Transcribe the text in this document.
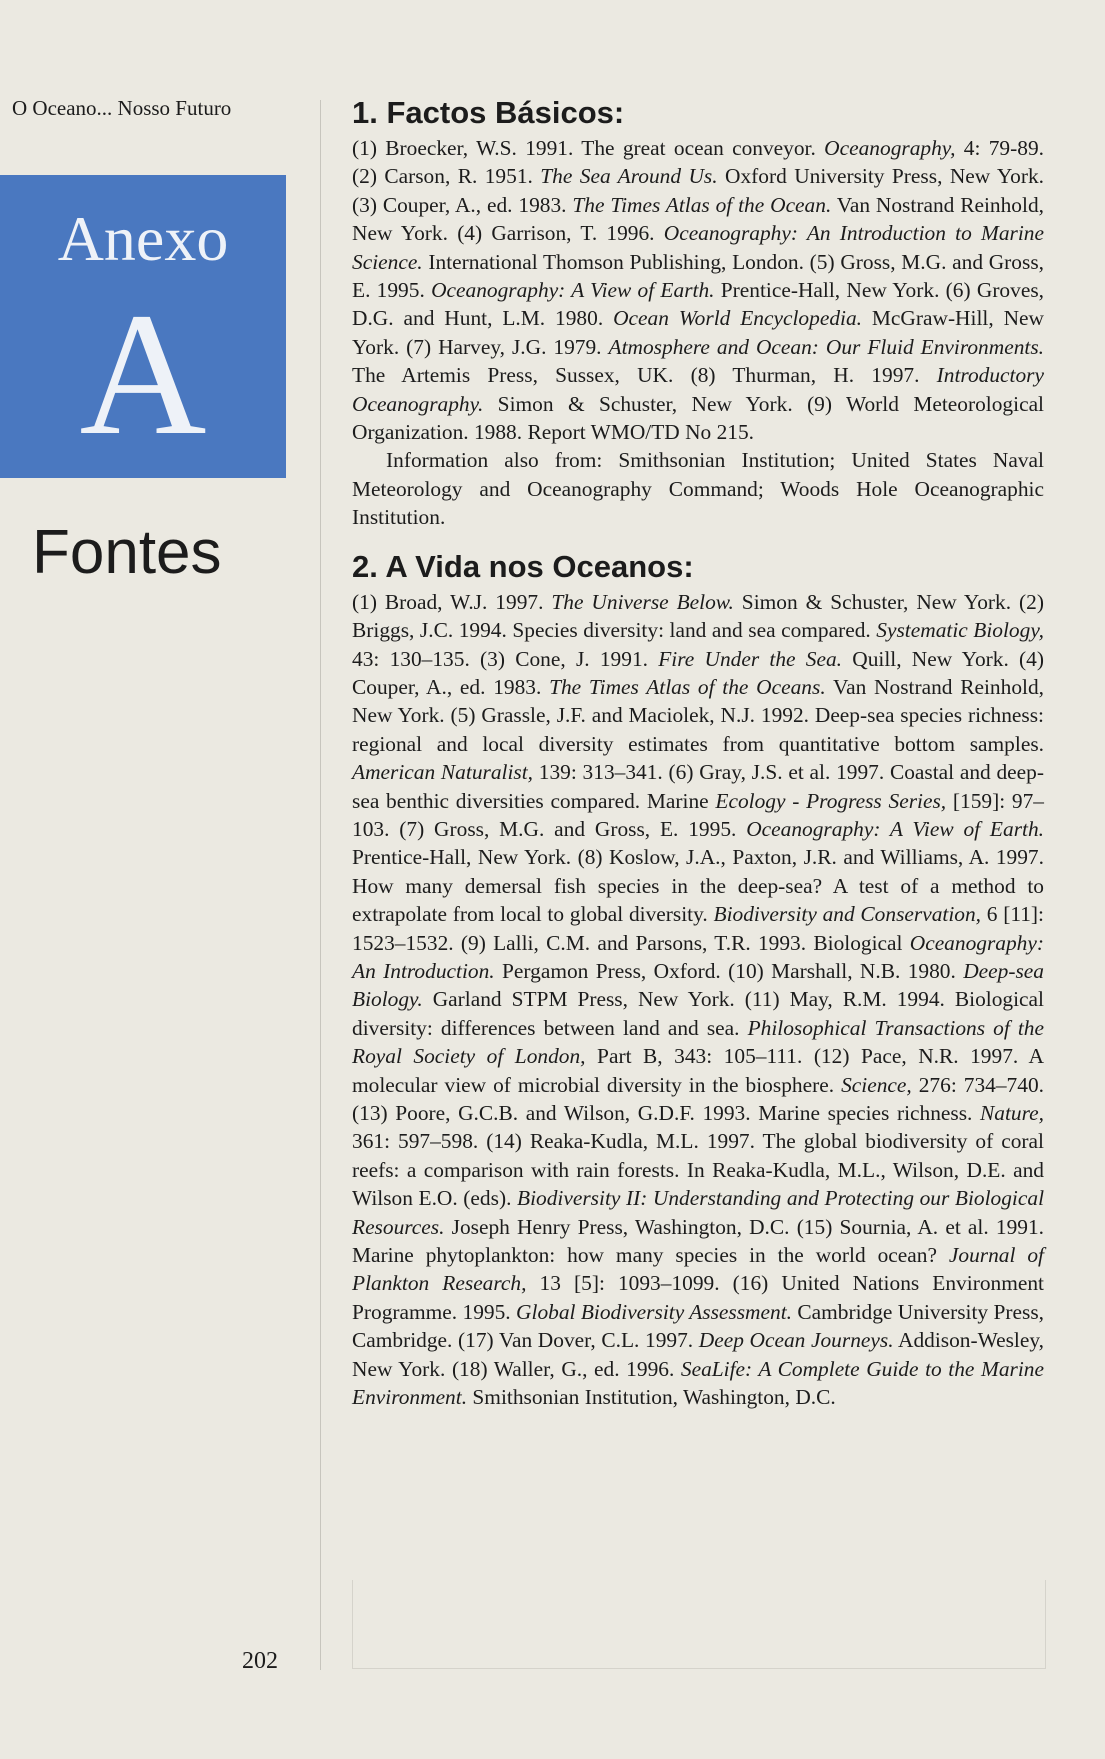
O Oceano... Nosso Futuro
Anexo
A
Fontes
1. Factos Básicos:

(1) Broecker, W.S. 1991. The great ocean conveyor. Oceanography, 4: 79-89. (2) Carson, R. 1951. The Sea Around Us. Oxford University Press, New York. (3) Couper, A., ed. 1983. The Times Atlas of the Ocean. Van Nostrand Reinhold, New York. (4) Garrison, T. 1996. Oceanography: An Introduction to Marine Science. International Thomson Publishing, London. (5) Gross, M.G. and Gross, E. 1995. Oceanography: A View of Earth. Prentice-Hall, New York. (6) Groves, D.G. and Hunt, L.M. 1980. Ocean World Encyclopedia. McGraw-Hill, New York. (7) Harvey, J.G. 1979. Atmosphere and Ocean: Our Fluid Environments. The Artemis Press, Sussex, UK. (8) Thurman, H. 1997. Introductory Oceanography. Simon & Schuster, New York. (9) World Meteorological Organization. 1988. Report WMO/TD No 215.

Information also from: Smithsonian Institution; United States Naval Meteorology and Oceanography Command; Woods Hole Oceanographic Institution.

2. A Vida nos Oceanos:

(1) Broad, W.J. 1997. The Universe Below. Simon & Schuster, New York. (2) Briggs, J.C. 1994. Species diversity: land and sea compared. Systematic Biology, 43: 130–135. (3) Cone, J. 1991. Fire Under the Sea. Quill, New York. (4) Couper, A., ed. 1983. The Times Atlas of the Oceans. Van Nostrand Reinhold, New York. (5) Grassle, J.F. and Maciolek, N.J. 1992. Deep-sea species richness: regional and local diversity estimates from quantitative bottom samples. American Naturalist, 139: 313–341. (6) Gray, J.S. et al. 1997. Coastal and deep-sea benthic diversities compared. Marine Ecology - Progress Series, [159]: 97–103. (7) Gross, M.G. and Gross, E. 1995. Oceanography: A View of Earth. Prentice-Hall, New York. (8) Koslow, J.A., Paxton, J.R. and Williams, A. 1997. How many demersal fish species in the deep-sea? A test of a method to extrapolate from local to global diversity. Biodiversity and Conservation, 6 [11]: 1523–1532. (9) Lalli, C.M. and Parsons, T.R. 1993. Biological Oceanography: An Introduction. Pergamon Press, Oxford. (10) Marshall, N.B. 1980. Deep-sea Biology. Garland STPM Press, New York. (11) May, R.M. 1994. Biological diversity: differences between land and sea. Philosophical Transactions of the Royal Society of London, Part B, 343: 105–111. (12) Pace, N.R. 1997. A molecular view of microbial diversity in the biosphere. Science, 276: 734–740. (13) Poore, G.C.B. and Wilson, G.D.F. 1993. Marine species richness. Nature, 361: 597–598. (14) Reaka-Kudla, M.L. 1997. The global biodiversity of coral reefs: a comparison with rain forests. In Reaka-Kudla, M.L., Wilson, D.E. and Wilson E.O. (eds). Biodiversity II: Understanding and Protecting our Biological Resources. Joseph Henry Press, Washington, D.C. (15) Sournia, A. et al. 1991. Marine phytoplankton: how many species in the world ocean? Journal of Plankton Research, 13 [5]: 1093–1099. (16) United Nations Environment Programme. 1995. Global Biodiversity Assessment. Cambridge University Press, Cambridge. (17) Van Dover, C.L. 1997. Deep Ocean Journeys. Addison-Wesley, New York. (18) Waller, G., ed. 1996. SeaLife: A Complete Guide to the Marine Environment. Smithsonian Institution, Washington, D.C.

202
